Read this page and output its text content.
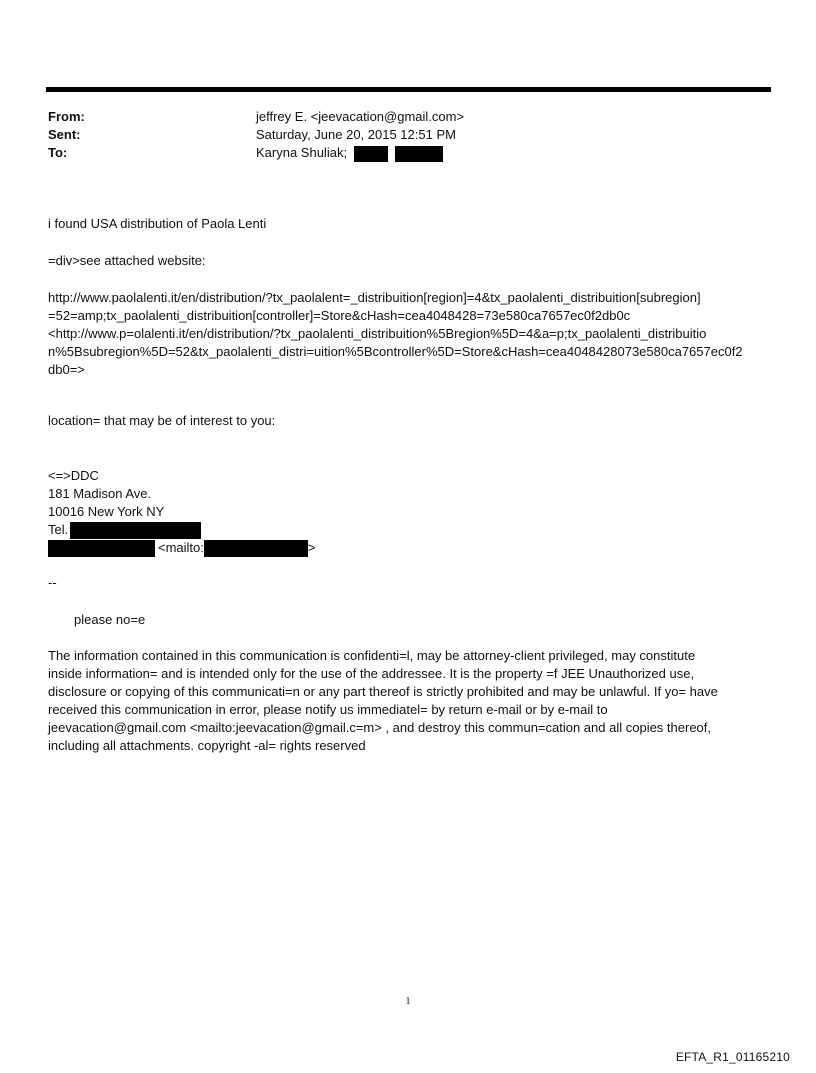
From:	jeffrey E. <jeevacation@gmail.com>
Sent:	Saturday, June 20, 2015 12:51 PM
To:	Karyna Shuliak;

i found USA distribution of Paola Lenti

=div>see attached website:

http://www.paolalenti.it/en/distribution/?tx_paolalent=_distribuition[region]=4&tx_paolalenti_distribuition[subregion]
=52=amp;tx_paolalenti_distribuition[controller]=Store&cHash=cea4048428=73e580ca7657ec0f2db0c
<http://www.p=olalenti.it/en/distribution/?tx_paolalenti_distribuition%5Bregion%5D=4&a=p;tx_paolalenti_distribuitio
n%5Bsubregion%5D=52&tx_paolalenti_distri=uition%5Bcontroller%5D=Store&cHash=cea4048428073e580ca7657ec0f2
db0=>

location= that may be of interest to you:

<=>DDC
181 Madison Ave.
10016 New York NY
Tel.
<mailto:	>

--

please no=e

The information contained in this communication is confidenti=l, may be attorney-client privileged, may constitute
inside information= and is intended only for the use of the addressee. It is the property =f JEE Unauthorized use,
disclosure or copying of this communicati=n or any part thereof is strictly prohibited and may be unlawful. If yo= have
received this communication in error, please notify us immediatel= by return e-mail or by e-mail to
jeevacation@gmail.com <mailto:jeevacation@gmail.c=m> , and destroy this commun=cation and all copies thereof,
including all attachments. copyright -al= rights reserved
1
EFTA_R1_01165210
